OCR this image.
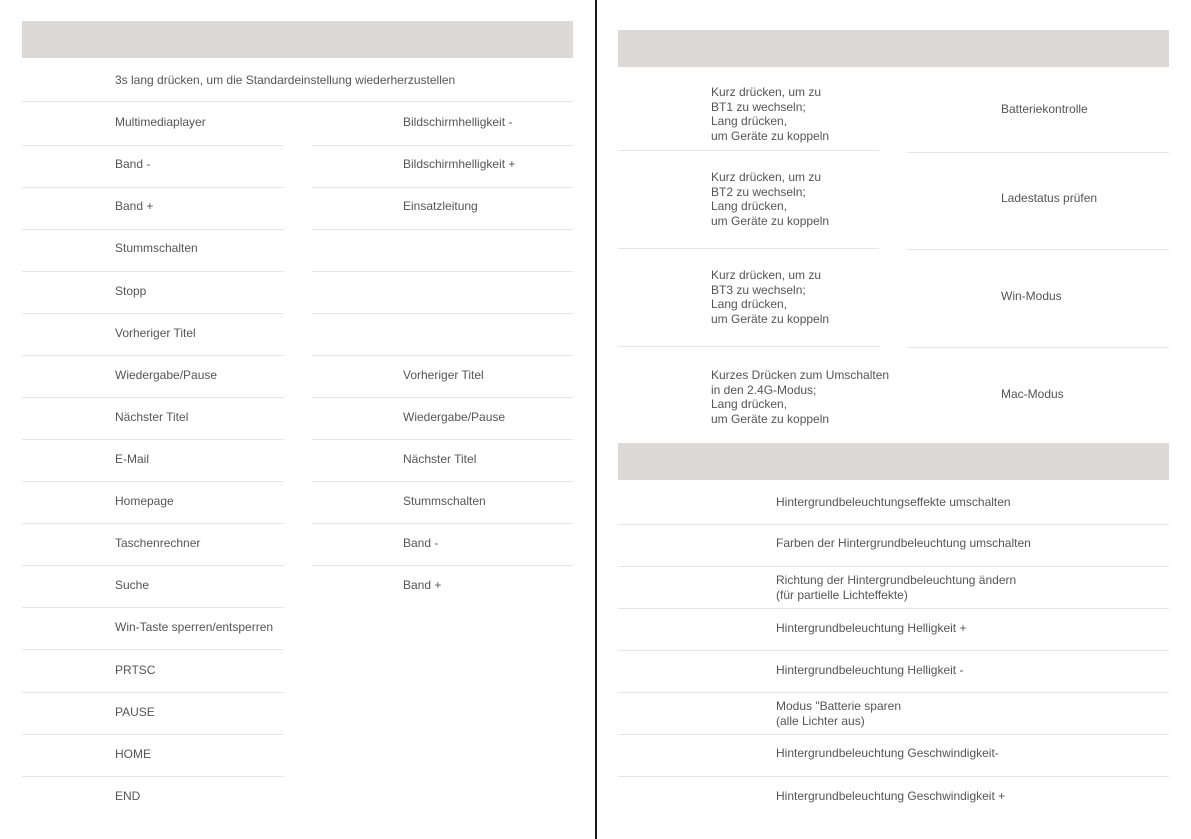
3s lang drücken, um die Standardeinstellung wiederherzustellen
Multimediaplayer
Band -
Band +
Stummschalten
Stopp
Vorheriger Titel
Wiedergabe/Pause
Nächster Titel
E-Mail
Homepage
Taschenrechner
Suche
Win-Taste sperren/entsperren
PRTSC
PAUSE
HOME
END
Bildschirmhelligkeit -
Bildschirmhelligkeit +
Einsatzleitung
Vorheriger Titel
Wiedergabe/Pause
Nächster Titel
Stummschalten
Band -
Band +
Kurz drücken, um zu
BT1 zu wechseln;
Lang drücken,
um Geräte zu koppeln
Batteriekontrolle
Kurz drücken, um zu
BT2 zu wechseln;
Lang drücken,
um Geräte zu koppeln
Ladestatus prüfen
Kurz drücken, um zu
BT3 zu wechseln;
Lang drücken,
um Geräte zu koppeln
Win-Modus
Kurzes Drücken zum Umschalten
in den 2.4G-Modus;
Lang drücken,
um Geräte zu koppeln
Mac-Modus
Hintergrundbeleuchtungseffekte umschalten
Farben der Hintergrundbeleuchtung umschalten
Richtung der Hintergrundbeleuchtung ändern
(für partielle Lichteffekte)
Hintergrundbeleuchtung Helligkeit +
Hintergrundbeleuchtung Helligkeit -
Modus "Batterie sparen
(alle Lichter aus)
Hintergrundbeleuchtung Geschwindigkeit-
Hintergrundbeleuchtung Geschwindigkeit +
